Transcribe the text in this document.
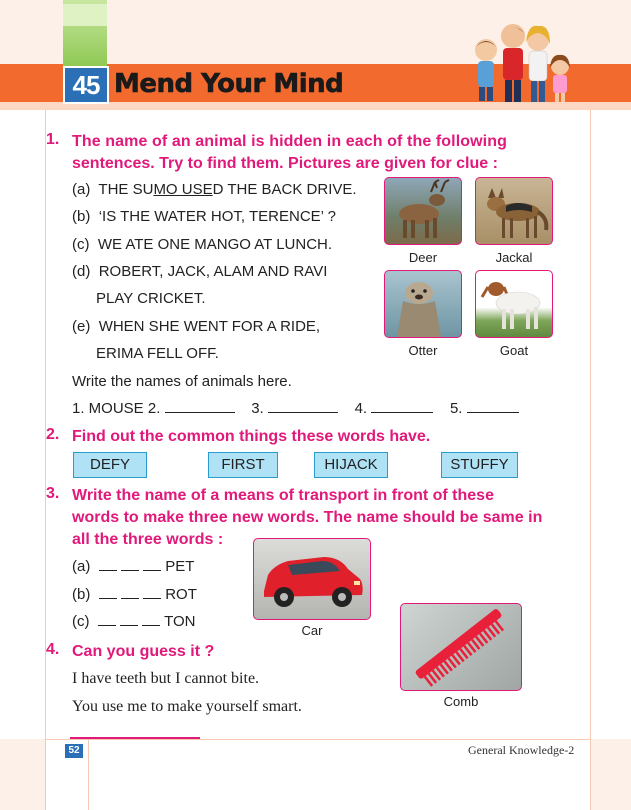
45 Mend Your Mind
1. The name of an animal is hidden in each of the following
sentences. Try to find them. Pictures are given for clue :
(a) THE SUMO USED THE BACK DRIVE.
(b) ‘IS THE WATER HOT, TERENCE’ ?
(c) WE ATE ONE MANGO AT LUNCH.
(d) ROBERT, JACK, ALAM AND RAVI
PLAY CRICKET.
(e) WHEN SHE WENT FOR A RIDE,
ERIMA FELL OFF.
Deer	Jackal
Otter	Goat
Write the names of animals here.
1. MOUSE 2.	3.	4.	5.
2. Find out the common things these words have.
DEFY	FIRST	HIJACK	STUFFY
3. Write the name of a means of transport in front of these
words to make three new words. The name should be same in
all the three words :
(a)	PET
(b)	ROT
(c)	TON
Car
4. Can you guess it ?
I have teeth but I cannot bite.
You use me to make yourself smart.	Comb
52	General Knowledge-2
